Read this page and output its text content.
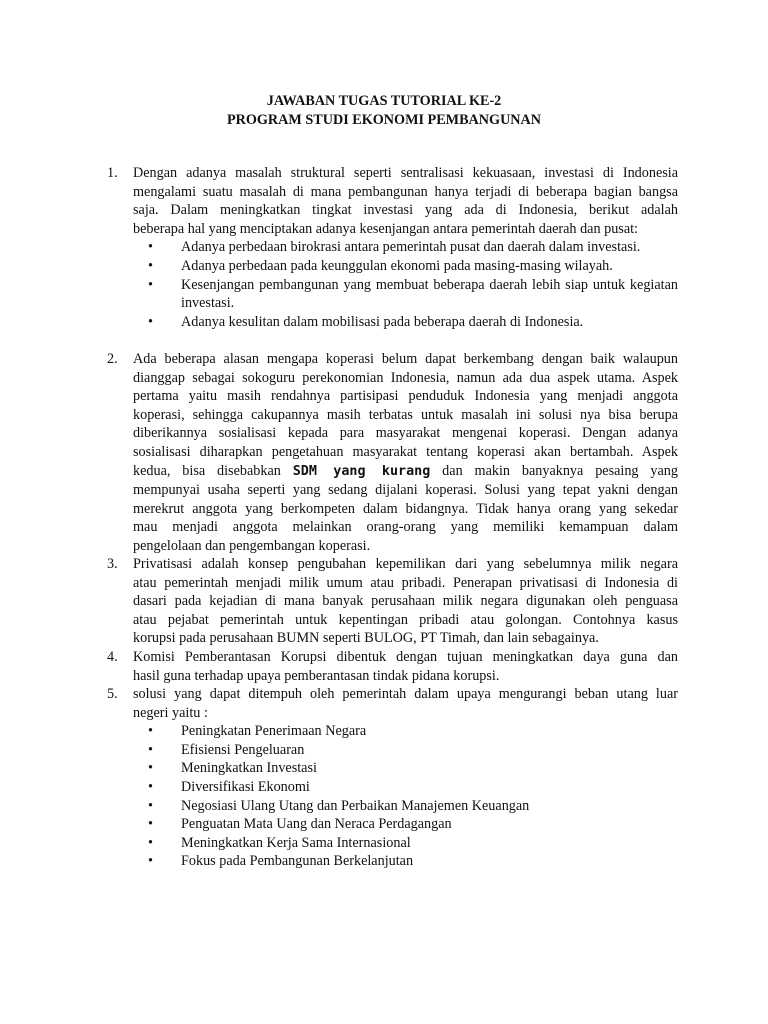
JAWABAN TUGAS TUTORIAL KE-2
PROGRAM STUDI EKONOMI PEMBANGUNAN
1. Dengan adanya masalah struktural seperti sentralisasi kekuasaan, investasi di Indonesia
mengalami suatu masalah di mana pembangunan hanya terjadi di beberapa bagian bangsa
saja. Dalam meningkatkan tingkat investasi yang ada di Indonesia, berikut adalah
beberapa hal yang menciptakan adanya kesenjangan antara pemerintah daerah dan pusat:
• Adanya perbedaan birokrasi antara pemerintah pusat dan daerah dalam investasi.
• Adanya perbedaan pada keunggulan ekonomi pada masing-masing wilayah.
• Kesenjangan pembangunan yang membuat beberapa daerah lebih siap untuk kegiatan investasi.
• Adanya kesulitan dalam mobilisasi pada beberapa daerah di Indonesia.
2. Ada beberapa alasan mengapa koperasi belum dapat berkembang dengan baik walaupun
dianggap sebagai sokoguru perekonomian Indonesia, namun ada dua aspek utama. Aspek
pertama yaitu masih rendahnya partisipasi penduduk Indonesia yang menjadi anggota
koperasi, sehingga cakupannya masih terbatas untuk masalah ini solusi nya bisa berupa
diberikannya sosialisasi kepada para masyarakat mengenai koperasi. Dengan adanya
sosialisasi diharapkan pengetahuan masyarakat tentang koperasi akan bertambah. Aspek
kedua, bisa disebabkan SDM yang kurang dan makin banyaknya pesaing yang
mempunyai usaha seperti yang sedang dijalani koperasi. Solusi yang tepat yakni dengan
merekrut anggota yang berkompeten dalam bidangnya. Tidak hanya orang yang sekedar
mau menjadi anggota melainkan orang-orang yang memiliki kemampuan dalam
pengelolaan dan pengembangan koperasi.
3. Privatisasi adalah konsep pengubahan kepemilikan dari yang sebelumnya milik negara
atau pemerintah menjadi milik umum atau pribadi. Penerapan privatisasi di Indonesia di
dasari pada kejadian di mana banyak perusahaan milik negara digunakan oleh penguasa
atau pejabat pemerintah untuk kepentingan pribadi atau golongan. Contohnya kasus
korupsi pada perusahaan BUMN seperti BULOG, PT Timah, dan lain sebagainya.
4. Komisi Pemberantasan Korupsi dibentuk dengan tujuan meningkatkan daya guna dan
hasil guna terhadap upaya pemberantasan tindak pidana korupsi.
5. solusi yang dapat ditempuh oleh pemerintah dalam upaya mengurangi beban utang luar
negeri yaitu :
• Peningkatan Penerimaan Negara
• Efisiensi Pengeluaran
• Meningkatkan Investasi
• Diversifikasi Ekonomi
• Negosiasi Ulang Utang dan Perbaikan Manajemen Keuangan
• Penguatan Mata Uang dan Neraca Perdagangan
• Meningkatkan Kerja Sama Internasional
• Fokus pada Pembangunan Berkelanjutan
